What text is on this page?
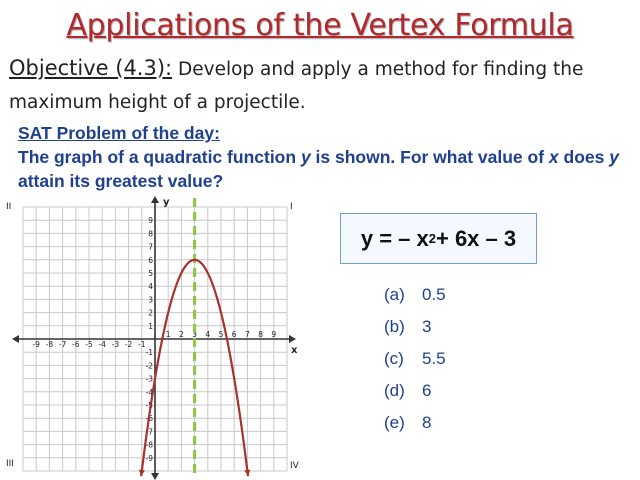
Applications of the Vertex Formula
Objective (4.3): Develop and apply a method for finding the maximum height of a projectile.
SAT Problem of the day:
The graph of a quadratic function y is shown. For what value of x does y attain its greatest value?
-9 -8 -7 -6 -5 -4 -3 -2 -1
1 2 3 4 5 6 7 8 9
1
2
3
4
5
6
7
8
9
-1
-2
-3
-4
-5
-6
-7
-8
-9
x
y
II	I
III	IV
y = – x 2 + 6x – 3
(a) 0.5
(b) 3
(c) 5.5
(d) 6
(e) 8
